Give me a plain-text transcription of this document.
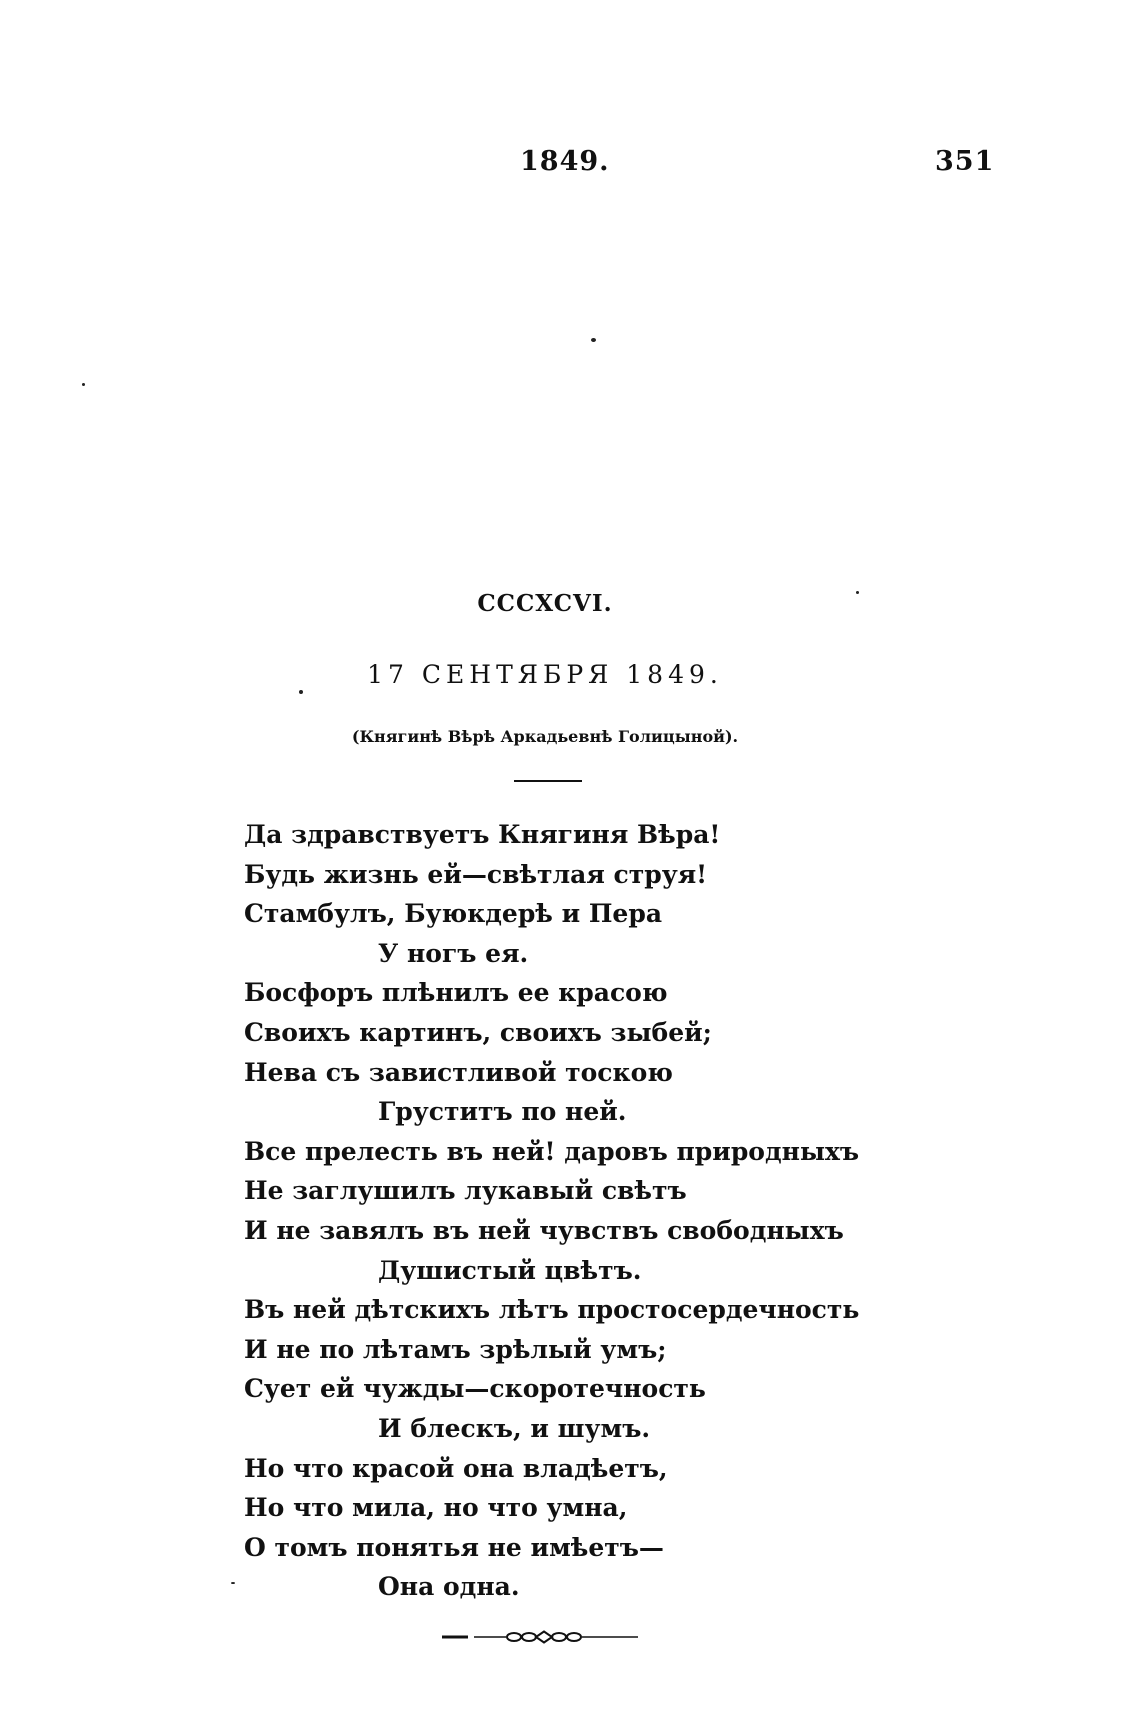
1849.	351
CCCXCVI.
17 СЕНТЯБРЯ 1849.
(Княгинѣ Вѣрѣ Аркадьевнѣ Голицыной).
Да здравствуетъ Княгиня Вѣра!
Будь жизнь ей—свѣтлая струя!
Стамбулъ, Буюкдерѣ и Пера
У ногъ ея.
Босфоръ плѣнилъ ее красою
Своихъ картинъ, своихъ зыбей;
Нева съ завистливой тоскою
Груститъ по ней.
Все прелесть въ ней! даровъ природныхъ
Не заглушилъ лукавый свѣтъ
И не завялъ въ ней чувствъ свободныхъ
Душистый цвѣтъ.
Въ ней дѣтскихъ лѣтъ простосердечность
И не по лѣтамъ зрѣлый умъ;
Сует ей чужды—скоротечность
И блескъ, и шумъ.
Но что красой она владѣетъ,
Но что мила, но что умна,
О томъ понятья не имѣетъ—
Она одна.
